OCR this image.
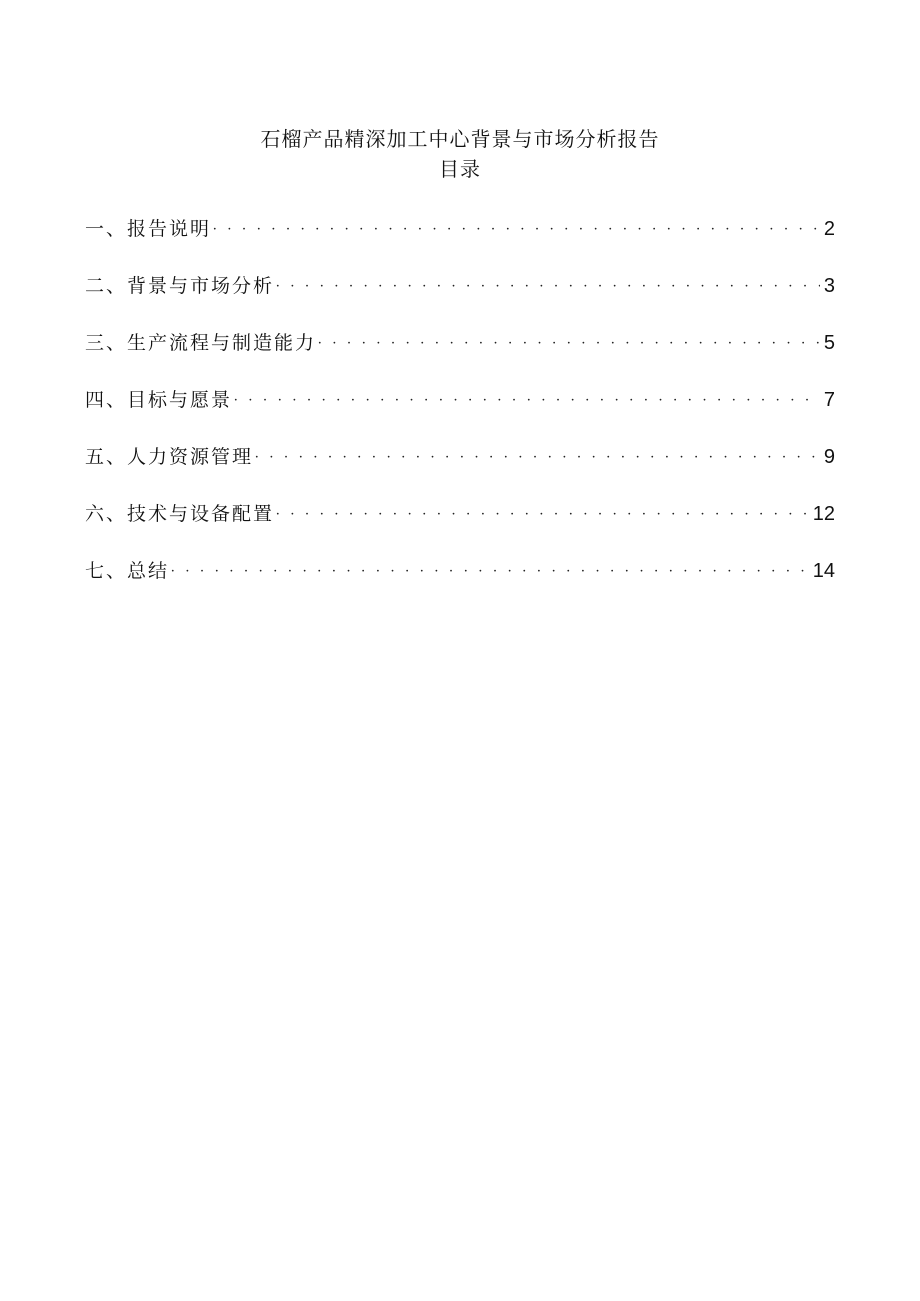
石榴产品精深加工中心背景与市场分析报告
目录
一、报告说明 • • •	2
二、背景与市场分析 • • •	3
三、生产流程与制造能力 • • •	5
四、目标与愿景 • • •	7
五、人力资源管理 • • •	9
六、技术与设备配置 • • •	12
七、总结 • • •	14
